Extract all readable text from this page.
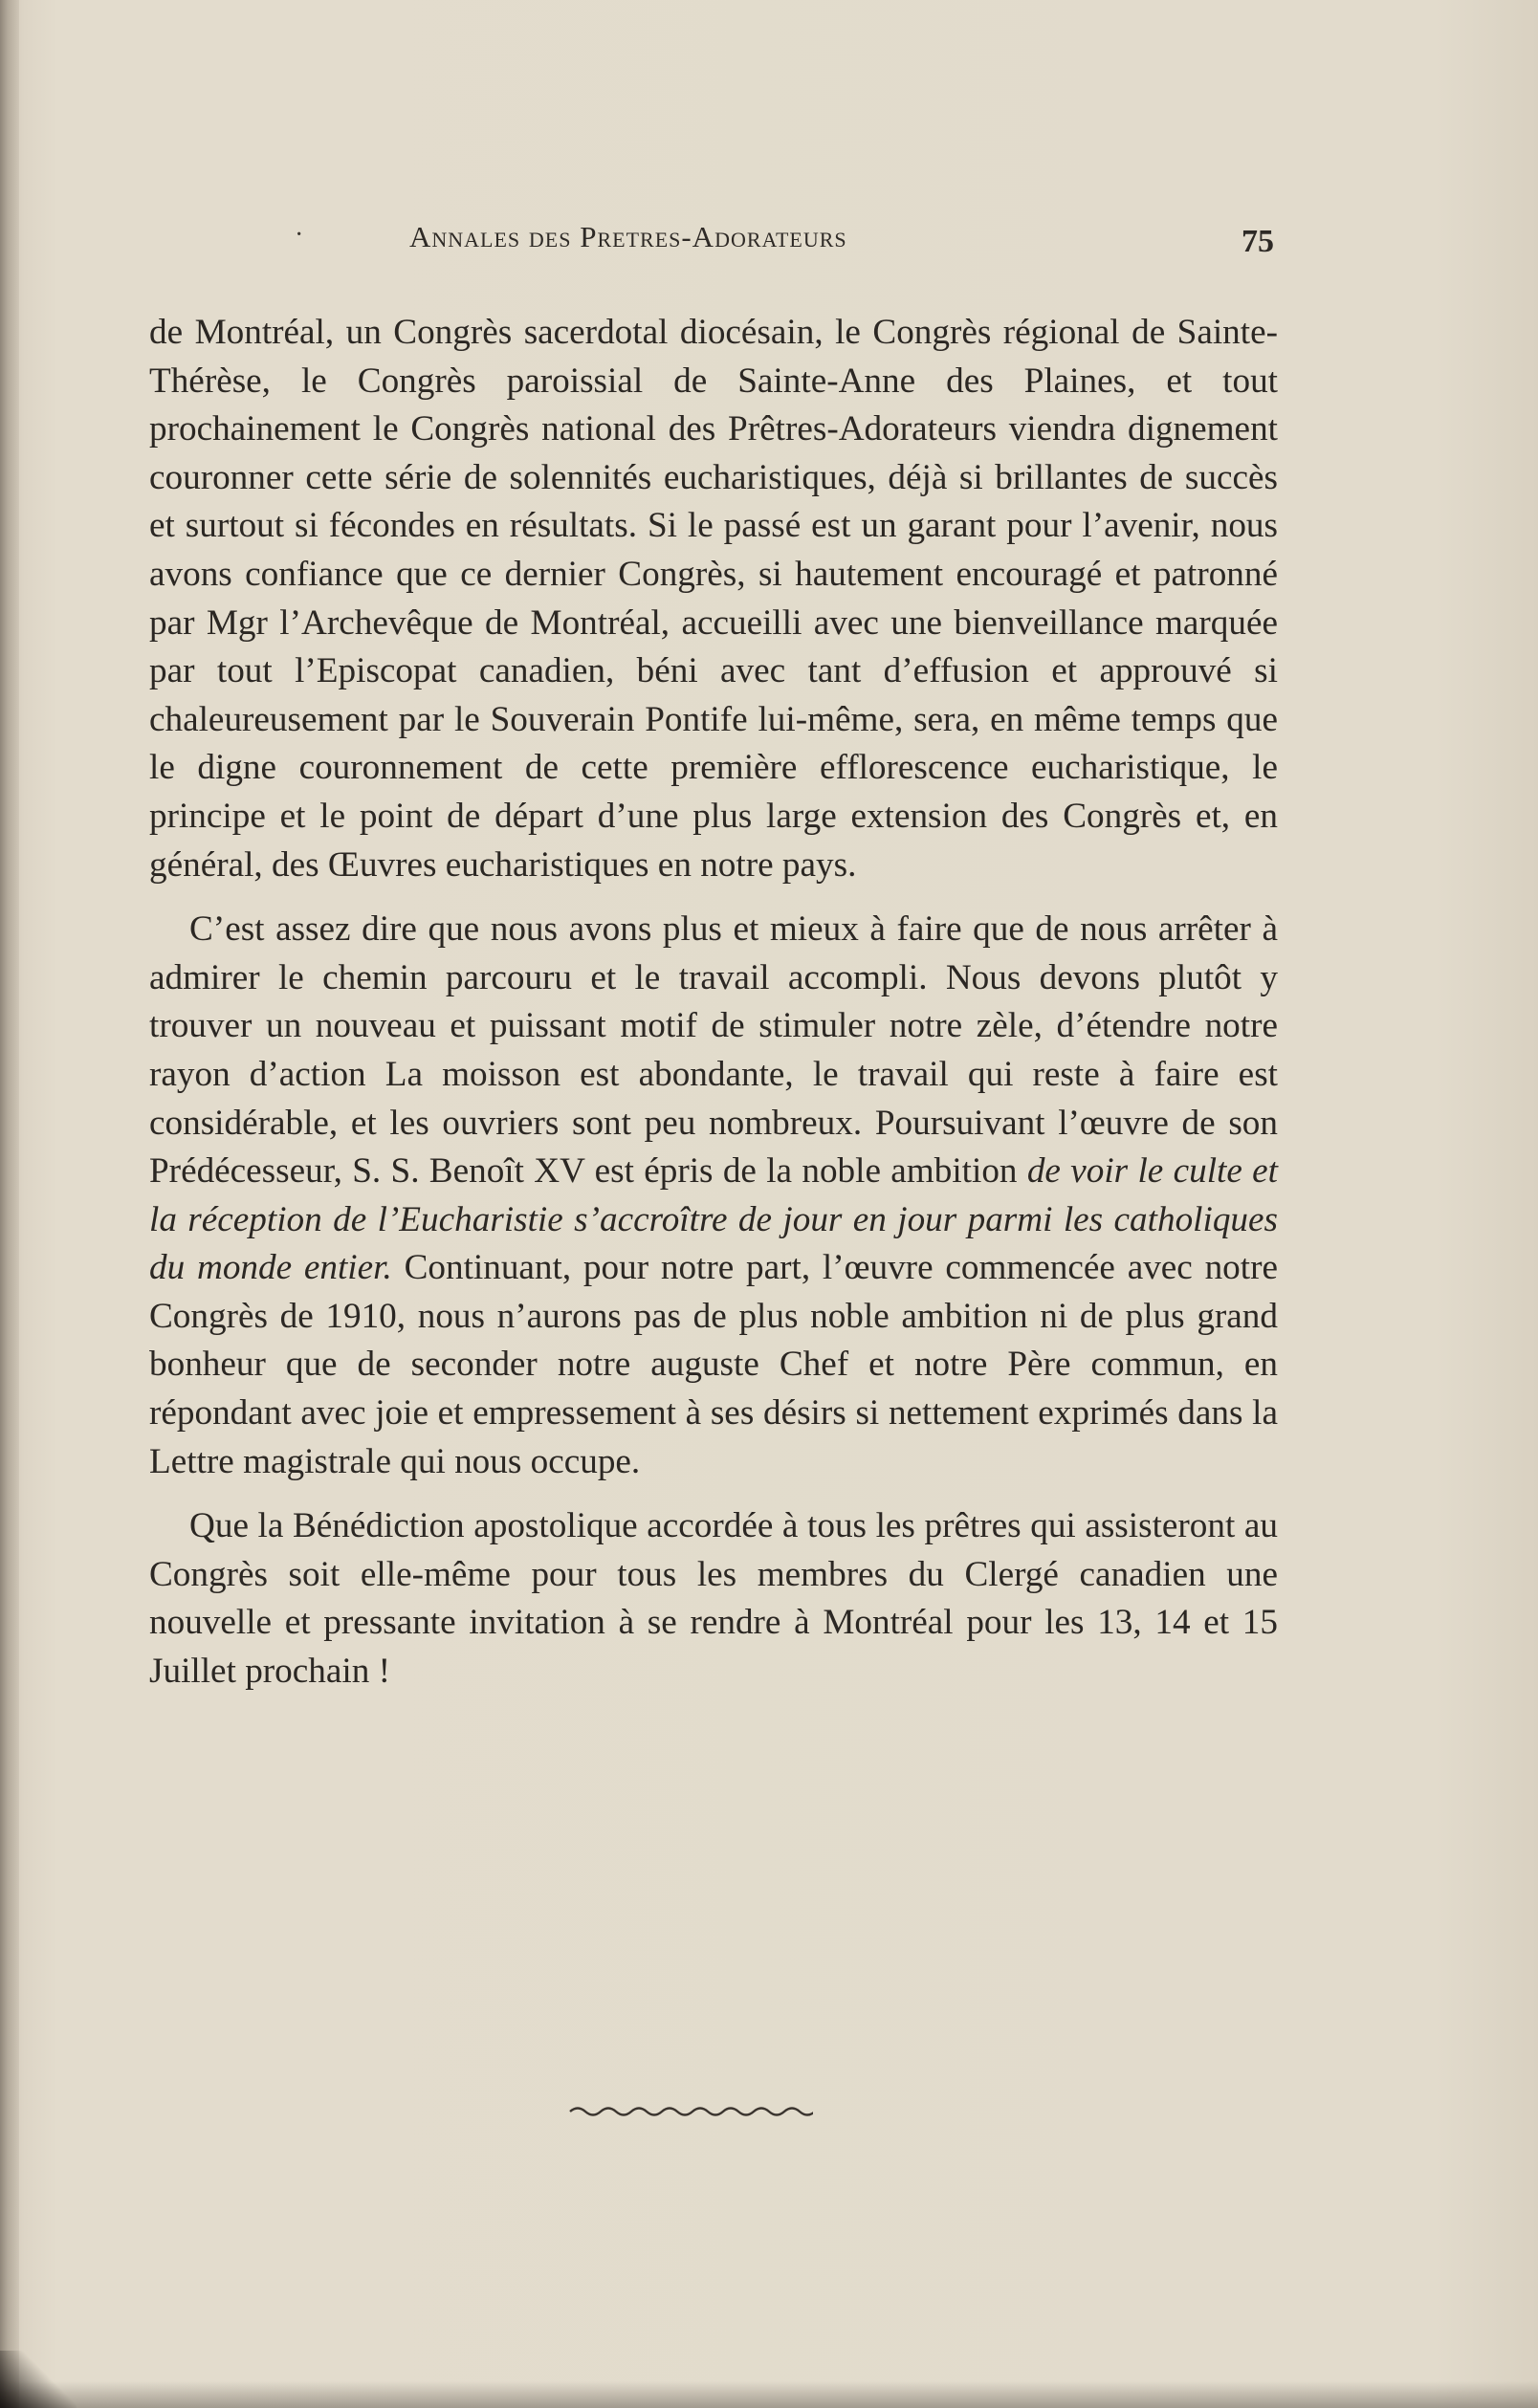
·	Annales des Pretres-Adorateurs	75

de Montréal, un Congrès sacerdotal diocésain, le Congrès régional de Sainte-Thérèse, le Congrès paroissial de Sainte-Anne des Plaines, et tout prochainement le Congrès national des Prêtres-Adorateurs viendra dignement couronner cette série de solennités eucharistiques, déjà si brillantes de succès et surtout si fécondes en résultats. Si le passé est un garant pour l’avenir, nous avons confiance que ce dernier Congrès, si hautement encouragé et patronné par Mgr l’Archevêque de Montréal, accueilli avec une bienveillance marquée par tout l’Episcopat canadien, béni avec tant d’effusion et approuvé si chaleureusement par le Souverain Pontife lui-même, sera, en même temps que le digne couronnement de cette première efflorescence eucharistique, le principe et le point de départ d’une plus large extension des Congrès et, en général, des Œuvres eucharistiques en notre pays.

C’est assez dire que nous avons plus et mieux à faire que de nous arrêter à admirer le chemin parcouru et le travail accompli. Nous devons plutôt y trouver un nouveau et puissant motif de stimuler notre zèle, d’étendre notre rayon d’action La moisson est abondante, le travail qui reste à faire est considérable, et les ouvriers sont peu nombreux. Poursuivant l’œuvre de son Prédécesseur, S. S. Benoît XV est épris de la noble ambition de voir le culte et la réception de l’Eucharistie s’accroître de jour en jour parmi les catholiques du monde entier. Continuant, pour notre part, l’œuvre commencée avec notre Congrès de 1910, nous n’aurons pas de plus noble ambition ni de plus grand bonheur que de seconder notre auguste Chef et notre Père commun, en répondant avec joie et empressement à ses désirs si nettement exprimés dans la Lettre magistrale qui nous occupe.

Que la Bénédiction apostolique accordée à tous les prêtres qui assisteront au Congrès soit elle-même pour tous les membres du Clergé canadien une nouvelle et pressante invitation à se rendre à Montréal pour les 13, 14 et 15 Juillet prochain !
